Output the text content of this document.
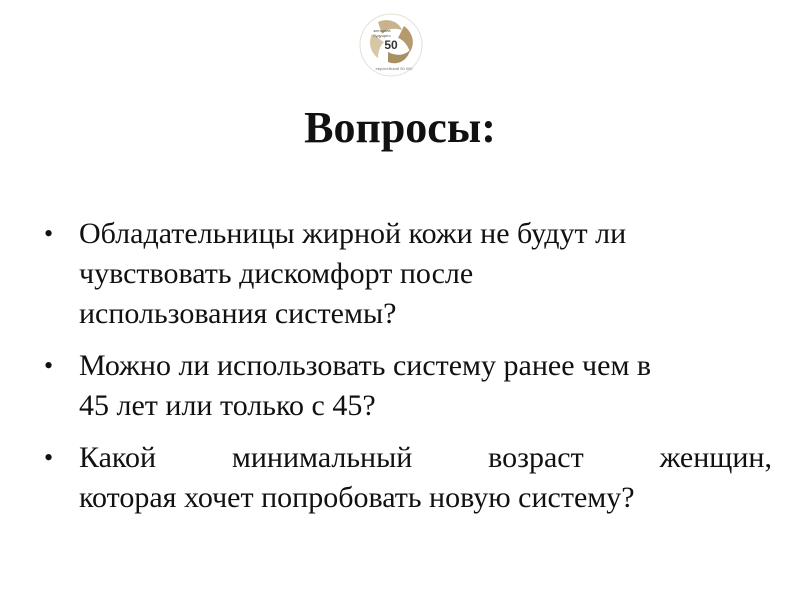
50
женщина
будущего
европейский 50 000
Вопросы:
• Обладательницы жирной кожи не будут ли
чувствовать дискомфорт после
использования системы?
• Можно ли использовать систему ранее чем в
45 лет или только с 45?
• Какой	минимальный	возраст	женщин,
которая хочет попробовать новую систему?
